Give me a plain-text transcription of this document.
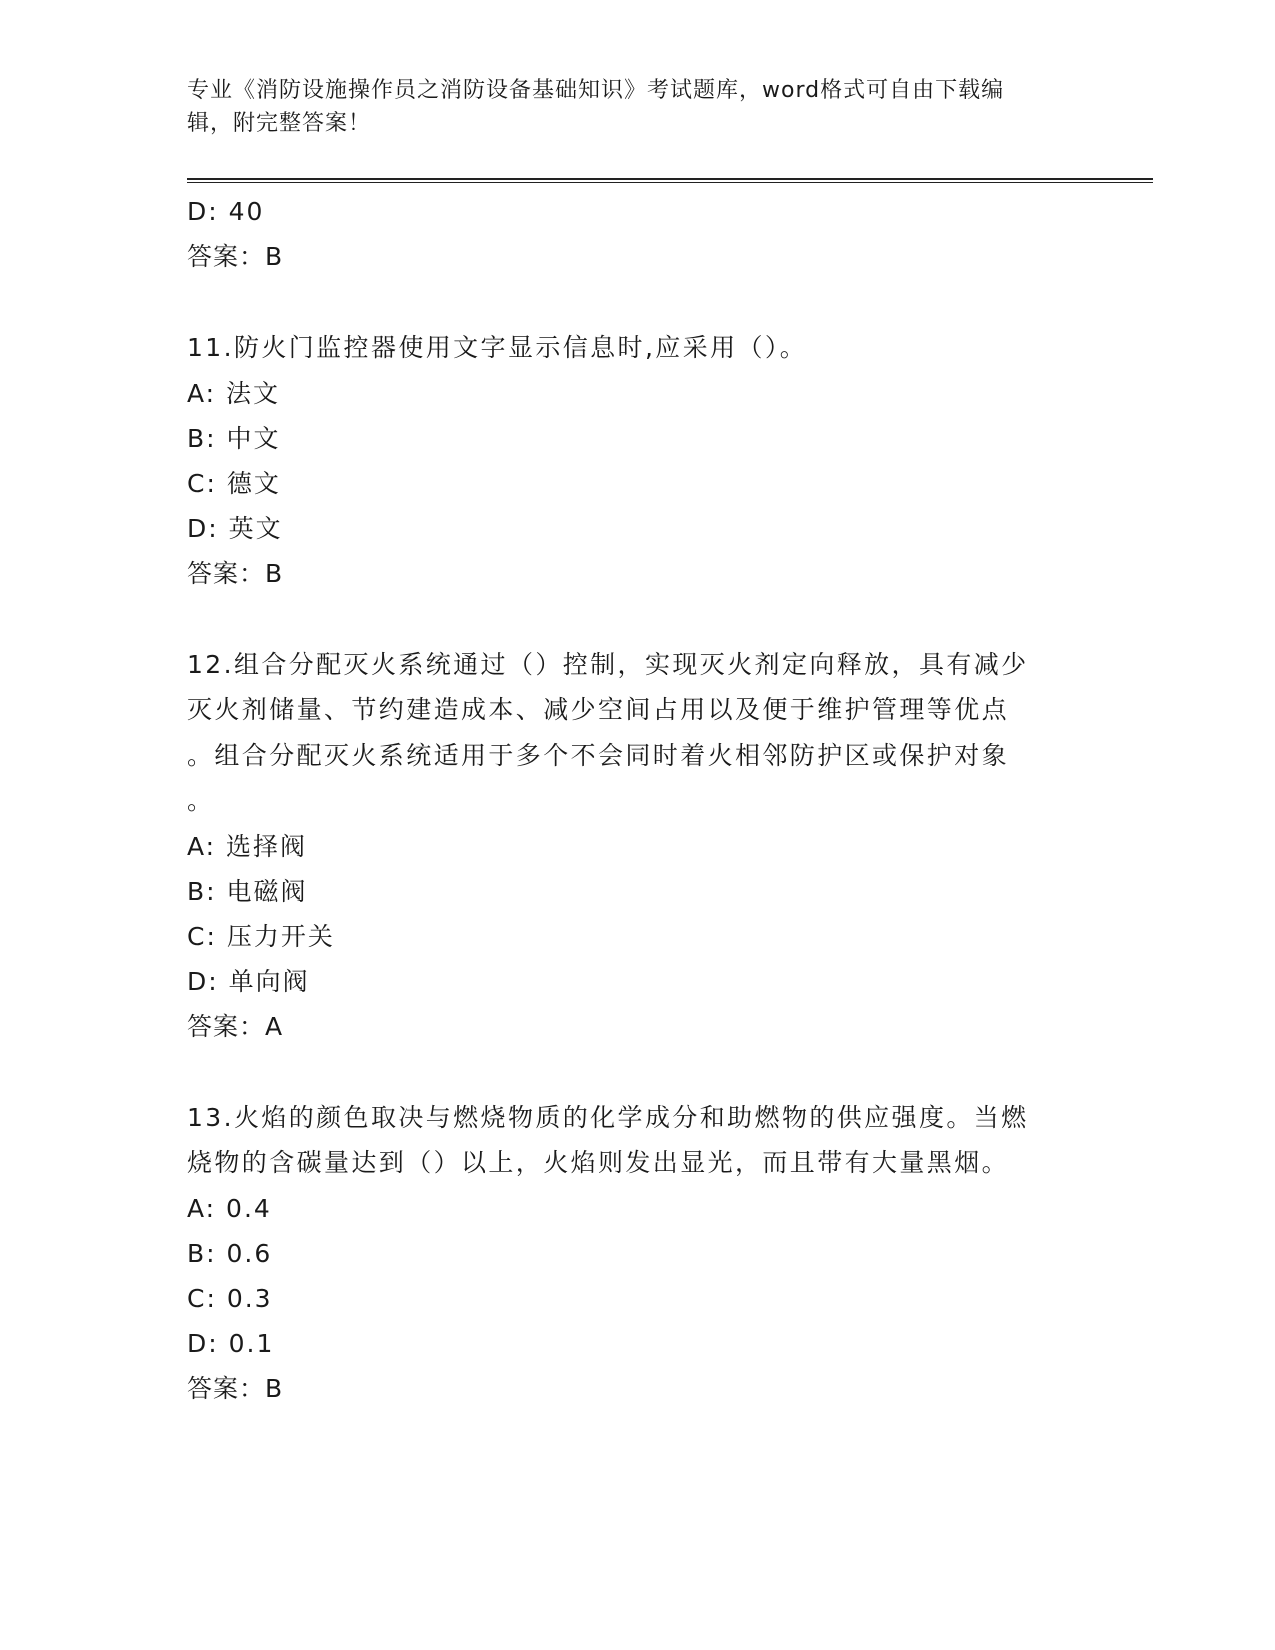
专业《消防设施操作员之消防设备基础知识》考试题库，word格式可自由下载编
辑，附完整答案！
D: 40
答案：B
11.防火门监控器使用文字显示信息时,应采用（）。
A: 法文
B: 中文
C: 德文
D: 英文
答案：B
12.组合分配灭火系统通过（）控制，实现灭火剂定向释放，具有减少
灭火剂储量、节约建造成本、减少空间占用以及便于维护管理等优点
。组合分配灭火系统适用于多个不会同时着火相邻防护区或保护对象
。
A: 选择阀
B: 电磁阀
C: 压力开关
D: 单向阀
答案：A
13.火焰的颜色取决与燃烧物质的化学成分和助燃物的供应强度。当燃
烧物的含碳量达到（）以上，火焰则发出显光，而且带有大量黑烟。
A: 0.4
B: 0.6
C: 0.3
D: 0.1
答案：B
